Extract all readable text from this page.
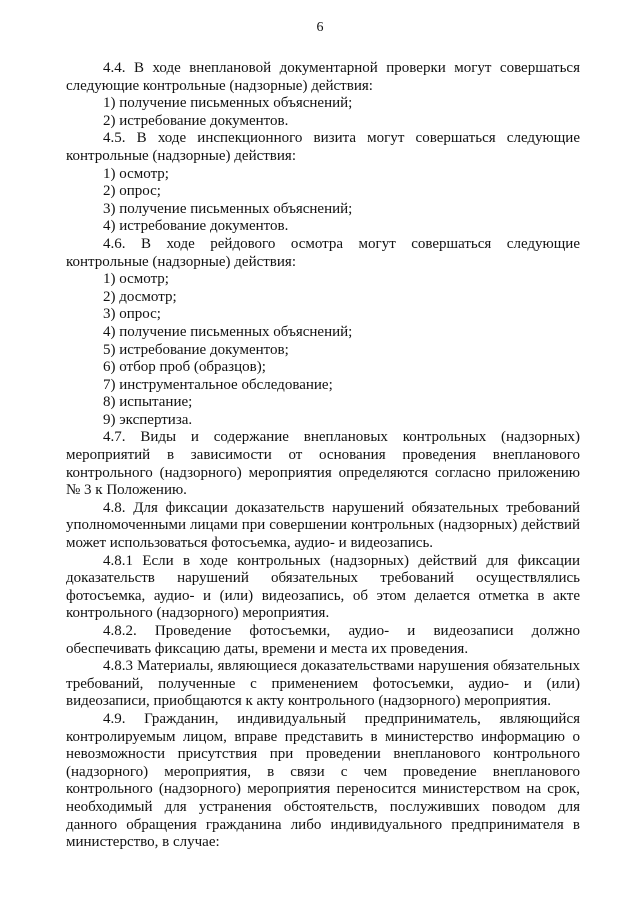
6

4.4. В ходе внеплановой документарной проверки могут совершаться следующие контрольные (надзорные) действия:

1) получение письменных объяснений;

2) истребование документов.

4.5. В ходе инспекционного визита могут совершаться следующие контрольные (надзорные) действия:

1) осмотр;

2) опрос;

3) получение письменных объяснений;

4) истребование документов.

4.6. В ходе рейдового осмотра могут совершаться следующие контрольные (надзорные) действия:

1) осмотр;

2) досмотр;

3) опрос;

4) получение письменных объяснений;

5) истребование документов;

6) отбор проб (образцов);

7) инструментальное обследование;

8) испытание;

9) экспертиза.

4.7. Виды и содержание внеплановых контрольных (надзорных) мероприятий в зависимости от основания проведения внепланового контрольного (надзорного) мероприятия определяются согласно приложению № 3 к Положению.

4.8. Для фиксации доказательств нарушений обязательных требований уполномоченными лицами при совершении контрольных (надзорных) действий может использоваться фотосъемка, аудио- и видеозапись.

4.8.1 Если в ходе контрольных (надзорных) действий для фиксации доказательств нарушений обязательных требований осуществлялись фотосъемка, аудио- и (или) видеозапись, об этом делается отметка в акте контрольного (надзорного) мероприятия.

4.8.2. Проведение фотосъемки, аудио- и видеозаписи должно обеспечивать фиксацию даты, времени и места их проведения.

4.8.3 Материалы, являющиеся доказательствами нарушения обязательных требований, полученные с применением фотосъемки, аудио- и (или) видеозаписи, приобщаются к акту контрольного (надзорного) мероприятия.

4.9. Гражданин, индивидуальный предприниматель, являющийся контролируемым лицом, вправе представить в министерство информацию о невозможности присутствия при проведении внепланового контрольного (надзорного) мероприятия, в связи с чем проведение внепланового контрольного (надзорного) мероприятия переносится министерством на срок, необходимый для устранения обстоятельств, послуживших поводом для данного обращения гражданина либо индивидуального предпринимателя в министерство, в случае:
